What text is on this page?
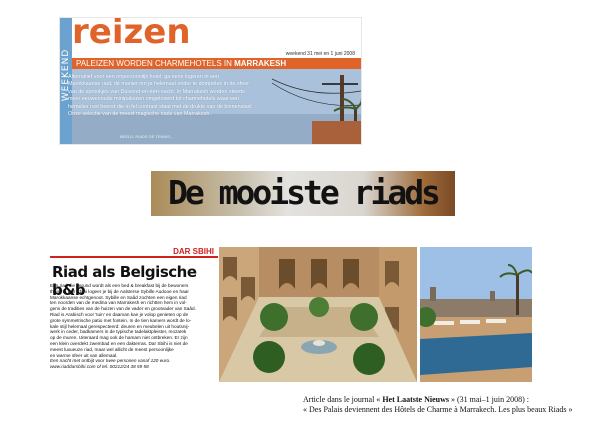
WEEKEND
reizen
weekend 31 mei en 1 juni 2008
PALEIZEN WORDEN CHARMEHOTELS IN MARRAKESH
Alternatief voor een onpersoonlijk hotel: ga eens logeren in een
Marokkaanse riad, dé manier om je helemaal onder te dompelen in de sfeer
van de sprookjes van Duizend-en-één-nacht. In Marrakesh worden steeds
meer eeuwenoude minipaleizen omgetoverd tot charmehotels waar een
hemelse rust heerst die in fel contrast staat met de drukte van de binnenstad.
Onze selectie van de meest magische riads van Marrakesh.
BEELD: RIADS DE TENNIS...
De mooiste riads
DAR SBIHI
Riad als Belgische b&b
Een riad die gerund wordt als een bed & breakfast bij de bewoners
thuis. In Dar Sbihi logeer je bij de Aalsterse Sybille Audooe en haar
Marokkaanse echtgenoot. Sybille en Saâd zochten een eigen riad
ten noorden van de medina van Marrakesh en richtten hem in vol-
gens de tradities van de huizen van de vader en grootvader van Saâd.
Riad is Arabisch voor 'tuin' en daarvan kan je volop genieten op de
grote symmetrische patio met fontein. In de tien kamers wordt de lo-
kale stijl helemaal gerespecteerd: deuren en meubelen uit houtsnij-
werk in ceder, badkamers in de typische tadelaktpleister, mozaïek
op de muren. Uiteraard mag ook de hamam niet ontbreken. Er zijn
een klein overdekt zwembad en een dakterras. Dar Sbihi is niet de
meest luxueuze riad, maar wel allicht de meest persoonlijke
en warme sfeer uit van allemaal.
Een nacht met ontbijt voor twee personen vanaf 120 euro.
www.riaddarsbihi.com of tel. 00212/24 38 59 58
Article dans le journal « Het Laatste Nieuws » (31 mai–1 juin 2008) :
« Des Palais deviennent des Hôtels de Charme à Marrakech. Les plus beaux Riads »
